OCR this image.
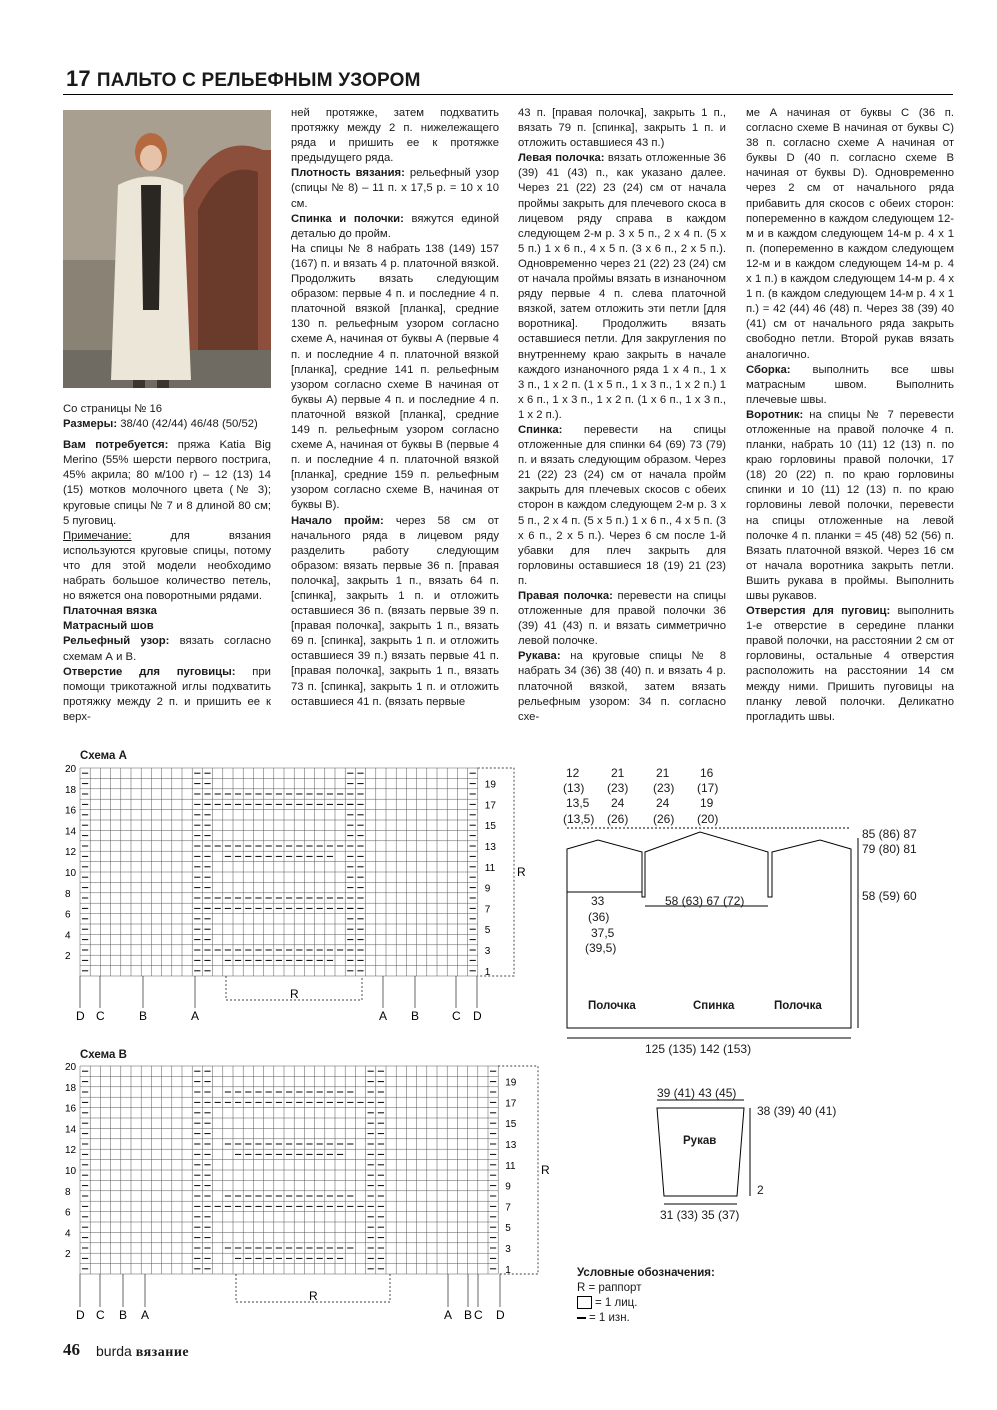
17 ПАЛЬТО С РЕЛЬЕФНЫМ УЗОРОМ

Со страницы № 16

Размеры: 38/40 (42/44) 46/48 (50/52)

Вам потребуется: пряжа Katia Big Merino (55% шерсти первого пострига, 45% акрила; 80 м/100 г) – 12 (13) 14 (15) мотков молочного цвета (№ 3); круговые спицы № 7 и 8 длиной 80 см; 5 пуговиц.

Примечание: для вязания используются круговые спицы, потому что для этой модели необходимо набрать большое количество петель, но вяжется она поворотными рядами.

Платочная вязка

Матрасный шов

Рельефный узор: вязать согласно схемам А и В.

Отверстие для пуговицы: при помощи трикотажной иглы подхватить протяжку между 2 п. и пришить ее к верх-

ней протяжке, затем подхватить протяжку между 2 п. нижележащего ряда и пришить ее к протяжке предыдущего ряда.

Плотность вязания: рельефный узор (спицы № 8) – 11 п. х 17,5 р. = 10 х 10 см.

Спинка и полочки: вяжутся единой деталью до пройм.

На спицы № 8 набрать 138 (149) 157 (167) п. и вязать 4 р. платочной вязкой. Продолжить вязать следующим образом: первые 4 п. и последние 4 п. платочной вязкой [планка], средние 130 п. рельефным узором согласно схеме А, начиная от буквы А (первые 4 п. и последние 4 п. платочной вязкой [планка], средние 141 п. рельефным узором согласно схеме В начиная от буквы А) первые 4 п. и последние 4 п. платочной вязкой [планка], средние 149 п. рельефным узором согласно схеме А, начиная от буквы В (первые 4 п. и последние 4 п. платочной вязкой [планка], средние 159 п. рельефным узором согласно схеме В, начиная от буквы В).

Начало пройм: через 58 см от начального ряда в лицевом ряду разделить работу следующим образом: вязать первые 36 п. [правая полочка], закрыть 1 п., вязать 64 п. [спинка], закрыть 1 п. и отложить оставшиеся 36 п. (вязать первые 39 п. [правая полочка], закрыть 1 п., вязать 69 п. [спинка], закрыть 1 п. и отложить оставшиеся 39 п.) вязать первые 41 п. [правая полочка], закрыть 1 п., вязать 73 п. [спинка], закрыть 1 п. и отложить оставшиеся 41 п. (вязать первые

43 п. [правая полочка], закрыть 1 п., вязать 79 п. [спинка], закрыть 1 п. и отложить оставшиеся 43 п.)

Левая полочка: вязать отложенные 36 (39) 41 (43) п., как указано далее. Через 21 (22) 23 (24) см от начала проймы закрыть для плечевого скоса в лицевом ряду справа в каждом следующем 2-м р. 3 х 5 п., 2 х 4 п. (5 х 5 п.) 1 х 6 п., 4 х 5 п. (3 х 6 п., 2 х 5 п.). Одновременно через 21 (22) 23 (24) см от начала проймы вязать в изнаночном ряду первые 4 п. слева платочной вязкой, затем отложить эти петли [для воротника]. Продолжить вязать оставшиеся петли. Для закругления по внутреннему краю закрыть в начале каждого изнаночного ряда 1 х 4 п., 1 х 3 п., 1 х 2 п. (1 х 5 п., 1 х 3 п., 1 х 2 п.) 1 х 6 п., 1 х 3 п., 1 х 2 п. (1 х 6 п., 1 х 3 п., 1 х 2 п.).

Спинка: перевести на спицы отложенные для спинки 64 (69) 73 (79) п. и вязать следующим образом. Через 21 (22) 23 (24) см от начала пройм закрыть для плечевых скосов с обеих сторон в каждом следующем 2-м р. 3 х 5 п., 2 х 4 п. (5 х 5 п.) 1 х 6 п., 4 х 5 п. (3 х 6 п., 2 х 5 п.). Через 6 см после 1-й убавки для плеч закрыть для горловины оставшиеся 18 (19) 21 (23) п.

Правая полочка: перевести на спицы отложенные для правой полочки 36 (39) 41 (43) п. и вязать симметрично левой полочке.

Рукава: на круговые спицы № 8 набрать 34 (36) 38 (40) п. и вязать 4 р. платочной вязкой, затем вязать рельефным узором: 34 п. согласно схе-

ме А начиная от буквы С (36 п. согласно схеме В начиная от буквы С) 38 п. согласно схеме А начиная от буквы D (40 п. согласно схеме В начиная от буквы D). Одновременно через 2 см от начального ряда прибавить для скосов с обеих сторон: попеременно в каждом следующем 12-м и в каждом следующем 14-м р. 4 х 1 п. (попеременно в каждом следующем 12-м и в каждом следующем 14-м р. 4 х 1 п.) в каждом следующем 14-м р. 4 х 1 п. (в каждом следующем 14-м р. 4 х 1 п.) = 42 (44) 46 (48) п. Через 38 (39) 40 (41) см от начального ряда закрыть свободно петли. Второй рукав вязать аналогично.

Сборка: выполнить все швы матрасным швом. Выполнить плечевые швы.

Воротник: на спицы № 7 перевести отложенные на правой полочке 4 п. планки, набрать 10 (11) 12 (13) п. по краю горловины правой полочки, 17 (18) 20 (22) п. по краю горловины спинки и 10 (11) 12 (13) п. по краю горловины левой полочки, перевести на спицы отложенные на левой полочке 4 п. планки = 45 (48) 52 (56) п. Вязать платочной вязкой. Через 16 см от начала воротника закрыть петли. Вшить рукава в проймы. Выполнить швы рукавов.

Отверстия для пуговиц: выполнить 1-е отверстие в середине планки правой полочки, на расстоянии 2 см от горловины, остальные 4 отверстия расположить на расстоянии 14 см между ними. Пришить пуговицы на планку левой полочки. Деликатно прогладить швы.

Схема А
Схема В
2
4
6
8
10
12
14
16
18
20
1
3
5
7
9
11
13
15
17
19
R
R
D C	B	A	A B	C D
2
4
6
8
10
12
14
16
18
20
1
3
5
7
9
11
13
15
17
19
R
R
D C B A	A B C D
12	21	21	16
(13) (23) (23) (17)
13,5 24	24	19
(13,5) (26) (26) (20)
85 (86) 87
79 (80) 81
58 (59) 60
33
(36)
37,5
(39,5)
58 (63) 67 (72)
Полочка	Спинка	Полочка
125 (135) 142 (153)
39 (41) 43 (45)
38 (39) 40 (41)
Рукав
2
31 (33) 35 (37)
Условные обозначения:
R = раппорт
= 1 лиц.
= 1 изн.
46 burda вязание
